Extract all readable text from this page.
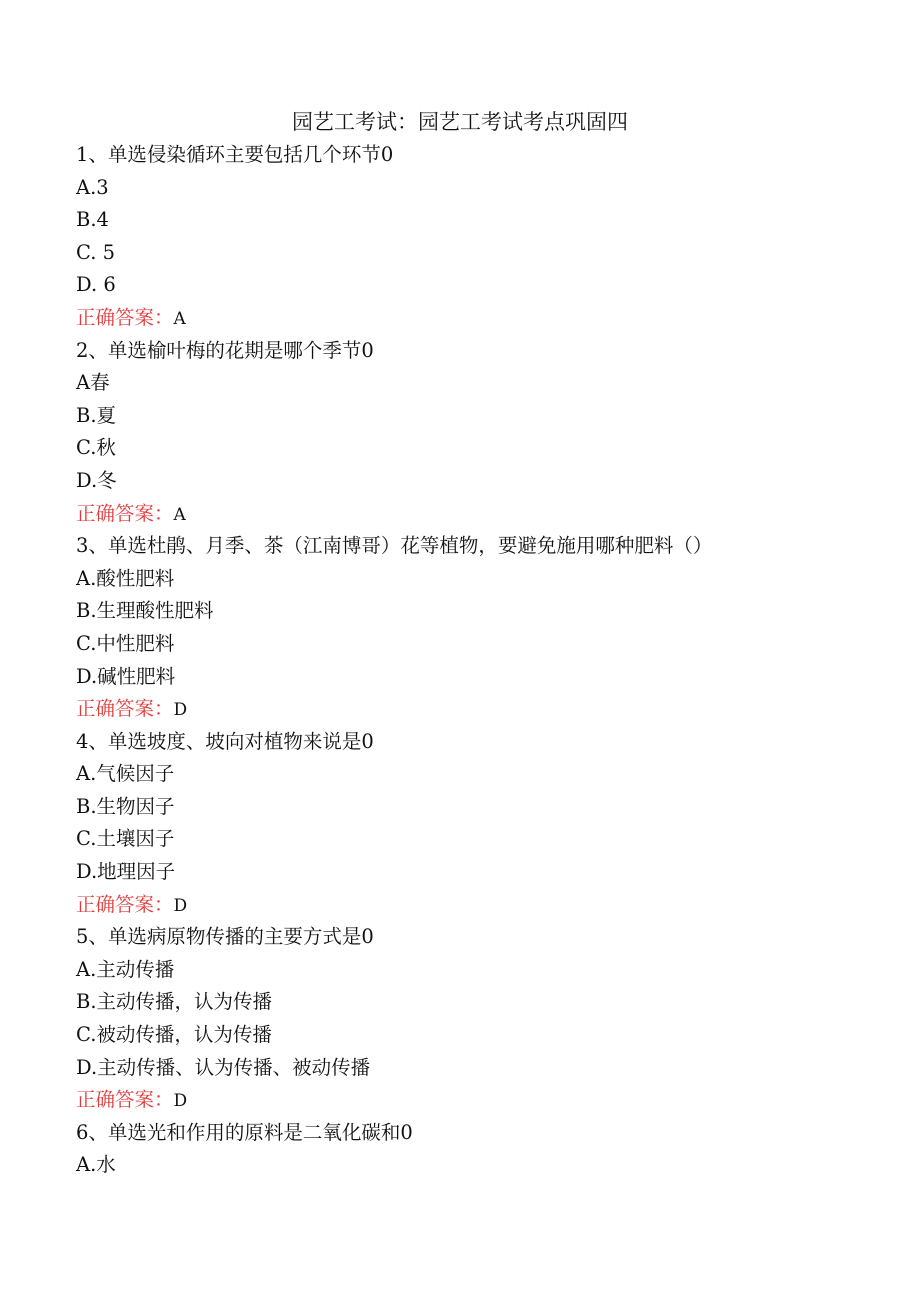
园艺工考试：园艺工考试考点巩固四
1、单选侵染循环主要包括几个环节0
A.3
B.4
C. 5
D. 6
正确答案：A
2、单选榆叶梅的花期是哪个季节0
A春
B.夏
C.秋
D.冬
正确答案：A
3、单选杜鹃、月季、茶（江南博哥）花等植物，要避免施用哪种肥料（）
A.酸性肥料
B.生理酸性肥料
C.中性肥料
D.碱性肥料
正确答案：D
4、单选坡度、坡向对植物来说是0
A.气候因子
B.生物因子
C.土壤因子
D.地理因子
正确答案：D
5、单选病原物传播的主要方式是0
A.主动传播
B.主动传播，认为传播
C.被动传播，认为传播
D.主动传播、认为传播、被动传播
正确答案：D
6、单选光和作用的原料是二氧化碳和0
A.水
